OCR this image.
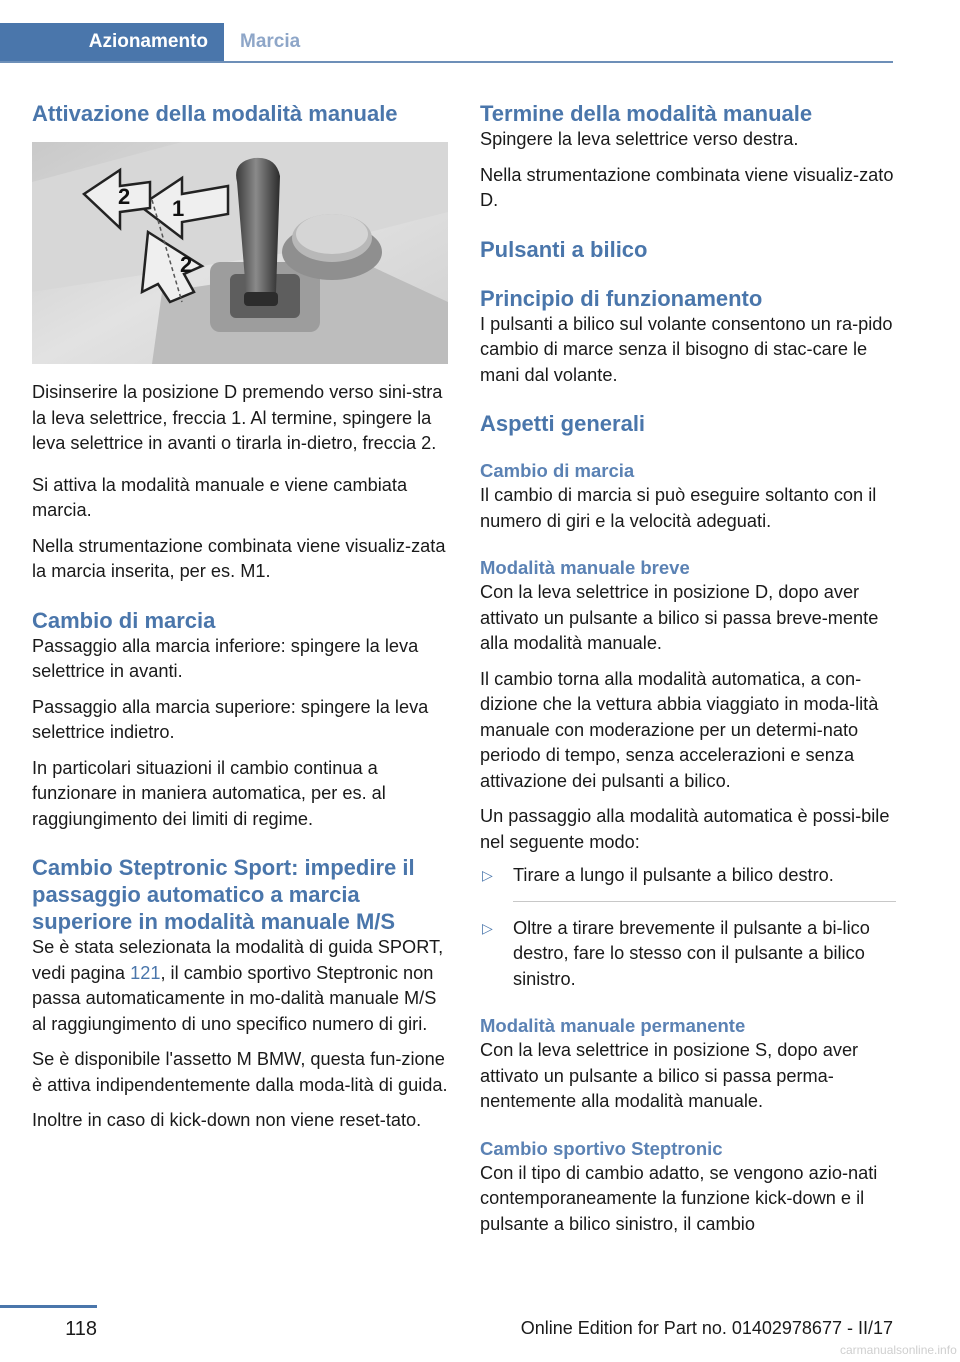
Azionamento	Marcia
Attivazione della modalità manuale
2 1
2

Disinserire la posizione D premendo verso sini-stra la leva selettrice, freccia 1. Al termine, spingere la leva selettrice in avanti o tirarla in-dietro, freccia 2.

Si attiva la modalità manuale e viene cambiata marcia.

Nella strumentazione combinata viene visualiz-zata la marcia inserita, per es. M1.

Cambio di marcia

Passaggio alla marcia inferiore: spingere la leva selettrice in avanti.

Passaggio alla marcia superiore: spingere la leva selettrice indietro.

In particolari situazioni il cambio continua a funzionare in maniera automatica, per es. al raggiungimento dei limiti di regime.

Cambio Steptronic Sport: impedire il passaggio automatico a marcia superiore in modalità manuale M/S

Se è stata selezionata la modalità di guida SPORT, vedi pagina 121, il cambio sportivo Steptronic non passa automaticamente in mo-dalità manuale M/S al raggiungimento di uno specifico numero di giri.

Se è disponibile l'assetto M BMW, questa fun-zione è attiva indipendentemente dalla moda-lità di guida.

Inoltre in caso di kick-down non viene reset-tato.

Termine della modalità manuale

Spingere la leva selettrice verso destra.

Nella strumentazione combinata viene visualiz-zato D.

Pulsanti a bilico
Principio di funzionamento

I pulsanti a bilico sul volante consentono un ra-pido cambio di marce senza il bisogno di stac-care le mani dal volante.

Aspetti generali
Cambio di marcia

Il cambio di marcia si può eseguire soltanto con il numero di giri e la velocità adeguati.

Modalità manuale breve

Con la leva selettrice in posizione D, dopo aver attivato un pulsante a bilico si passa breve-mente alla modalità manuale.

Il cambio torna alla modalità automatica, a con-dizione che la vettura abbia viaggiato in moda-lità manuale con moderazione per un determi-nato periodo di tempo, senza accelerazioni e senza attivazione dei pulsanti a bilico.

Un passaggio alla modalità automatica è possi-bile nel seguente modo:

▷ Tirare a lungo il pulsante a bilico destro.
▷ Oltre a tirare brevemente il pulsante a bi-lico destro, fare lo stesso con il pulsante a bilico sinistro.
Modalità manuale permanente

Con la leva selettrice in posizione S, dopo aver attivato un pulsante a bilico si passa perma-nentemente alla modalità manuale.

Cambio sportivo Steptronic

Con il tipo di cambio adatto, se vengono azio-nati contemporaneamente la funzione kick-down e il pulsante a bilico sinistro, il cambio

118	Online Edition for Part no. 01402978677 - II/17
carmanualsonline.info
